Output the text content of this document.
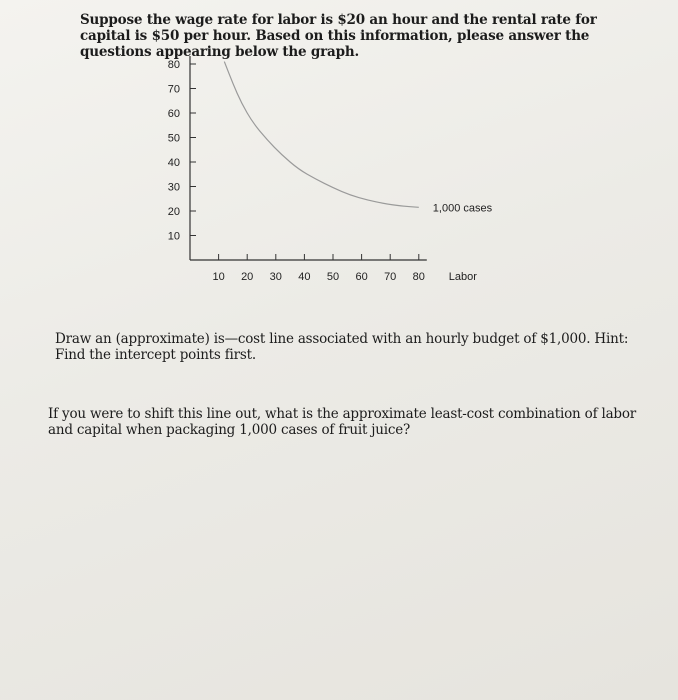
Suppose the wage rate for labor is $20 an hour and the rental rate for capital is $50 per hour. Based on this information, please answer the questions appearing below the graph.

10
20
30
40
50
60
70
80
10 20 30 40 50 60 70 80 Labor
1,000 cases

Draw an (approximate) is—cost line associated with an hourly budget of $1,000. Hint: Find the intercept points first.

If you were to shift this line out, what is the approximate least-cost combination of labor and capital when packaging 1,000 cases of fruit juice?
